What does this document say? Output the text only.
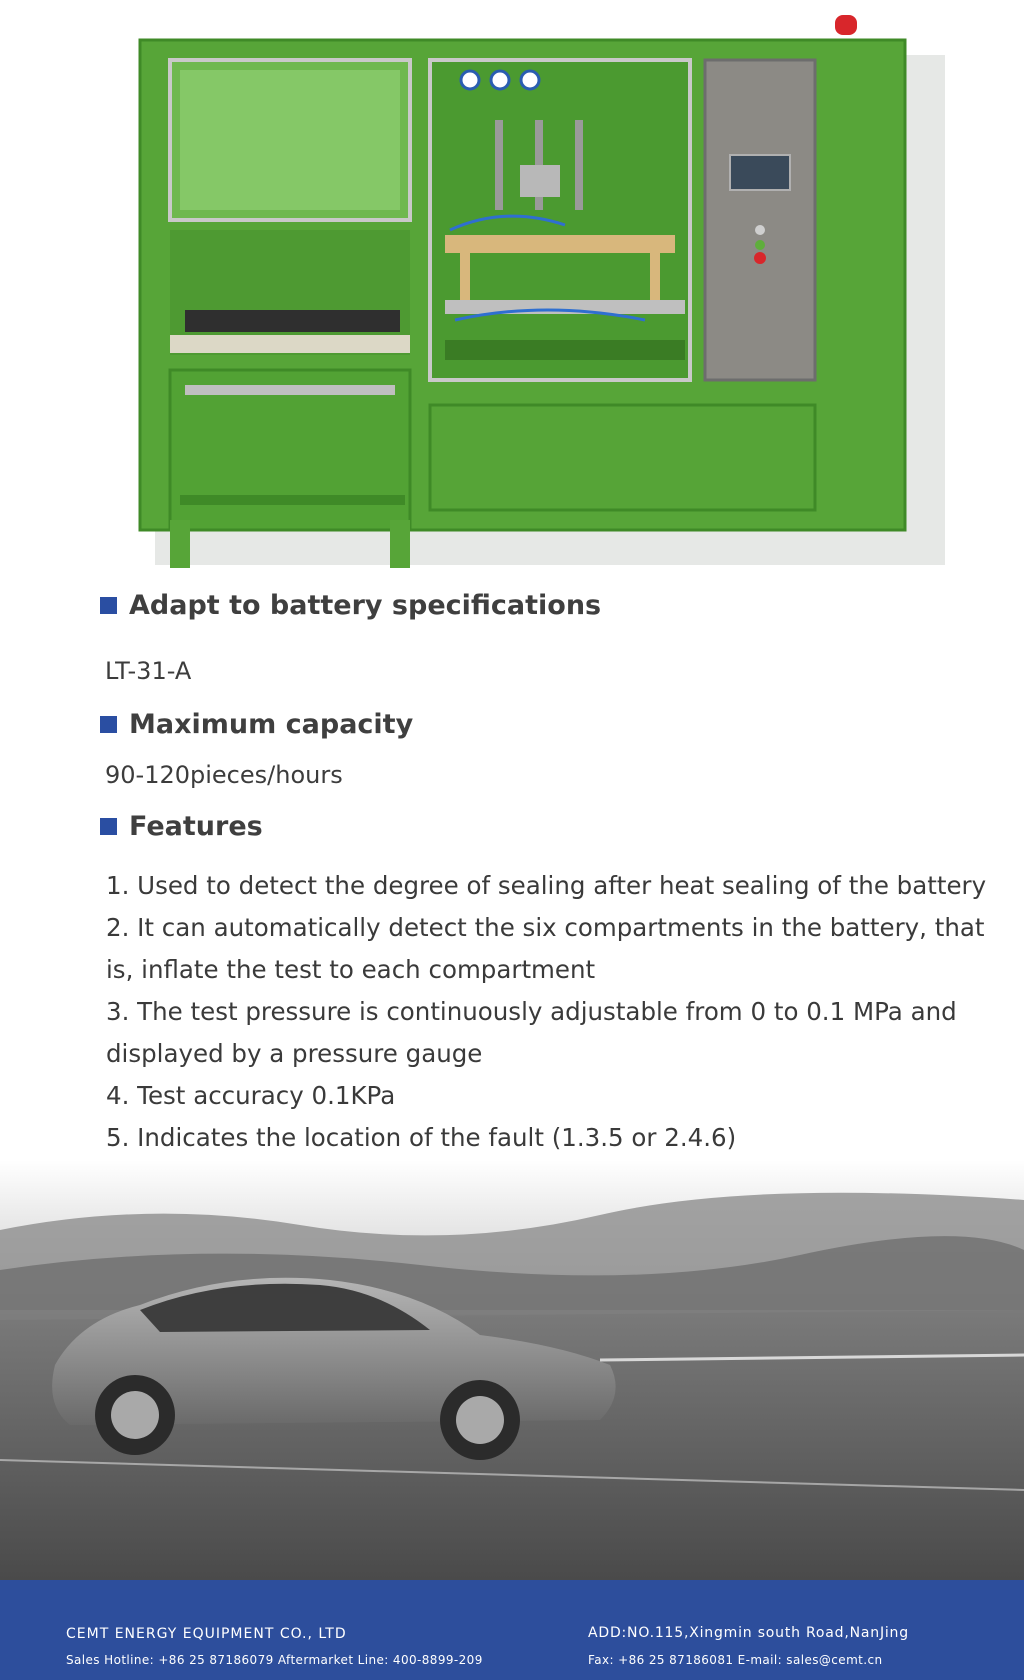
Adapt to battery specifications
LT-31-A
Maximum capacity
90-120pieces/hours
Features
1. Used to detect the degree of sealing after heat sealing of the battery
2. It can automatically detect the six compartments in the battery, that is, inflate the test to each compartment
3. The test pressure is continuously adjustable from 0 to 0.1 MPa and displayed by a pressure gauge
4. Test accuracy 0.1KPa
5. Indicates the location of the fault (1.3.5 or 2.4.6)
CEMT ENERGY EQUIPMENT CO., LTD
Sales Hotline: +86 25 87186079 Aftermarket Line: 400-8899-209
ADD:NO.115,Xingmin south Road,NanJing
Fax: +86 25 87186081 E-mail: sales@cemt.cn
